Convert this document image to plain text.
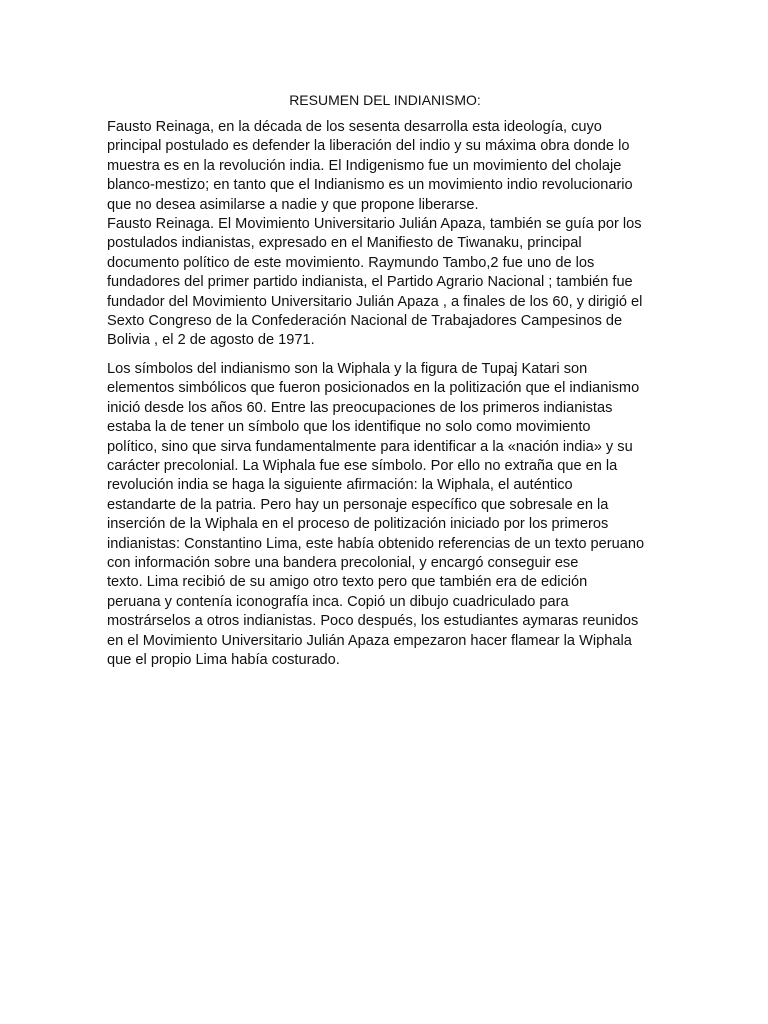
RESUMEN DEL INDIANISMO:

Fausto Reinaga, en la década de los sesenta desarrolla esta ideología, cuyo
principal postulado es defender la liberación del indio y su máxima obra donde lo
muestra es en la revolución india. El Indigenismo fue un movimiento del cholaje
blanco-mestizo; en tanto que el Indianismo es un movimiento indio revolucionario
que no desea asimilarse a nadie y que propone liberarse.

Fausto Reinaga. El Movimiento Universitario Julián Apaza, también se guía por los
postulados indianistas, expresado en el Manifiesto de Tiwanaku, principal
documento político de este movimiento. Raymundo Tambo,2 fue uno de los
fundadores del primer partido indianista, el Partido Agrario Nacional ; también fue
fundador del Movimiento Universitario Julián Apaza , a finales de los 60, y dirigió el
Sexto Congreso de la Confederación Nacional de Trabajadores Campesinos de
Bolivia , el 2 de agosto de 1971.

Los símbolos del indianismo son la Wiphala y la figura de Tupaj Katari son
elementos simbólicos que fueron posicionados en la politización que el indianismo
inició desde los años 60. Entre las preocupaciones de los primeros indianistas
estaba la de tener un símbolo que los identifique no solo como movimiento
político, sino que sirva fundamentalmente para identificar a la «nación india» y su
carácter precolonial. La Wiphala fue ese símbolo. Por ello no extraña que en la
revolución india se haga la siguiente afirmación: la Wiphala, el auténtico
estandarte de la patria. Pero hay un personaje específico que sobresale en la
inserción de la Wiphala en el proceso de politización iniciado por los primeros
indianistas: Constantino Lima, este había obtenido referencias de un texto peruano
con información sobre una bandera precolonial, y encargó conseguir ese
texto. Lima recibió de su amigo otro texto pero que también era de edición
peruana y contenía iconografía inca. Copió un dibujo cuadriculado para
mostrárselos a otros indianistas. Poco después, los estudiantes aymaras reunidos
en el Movimiento Universitario Julián Apaza empezaron hacer flamear la Wiphala
que el propio Lima había costurado.
